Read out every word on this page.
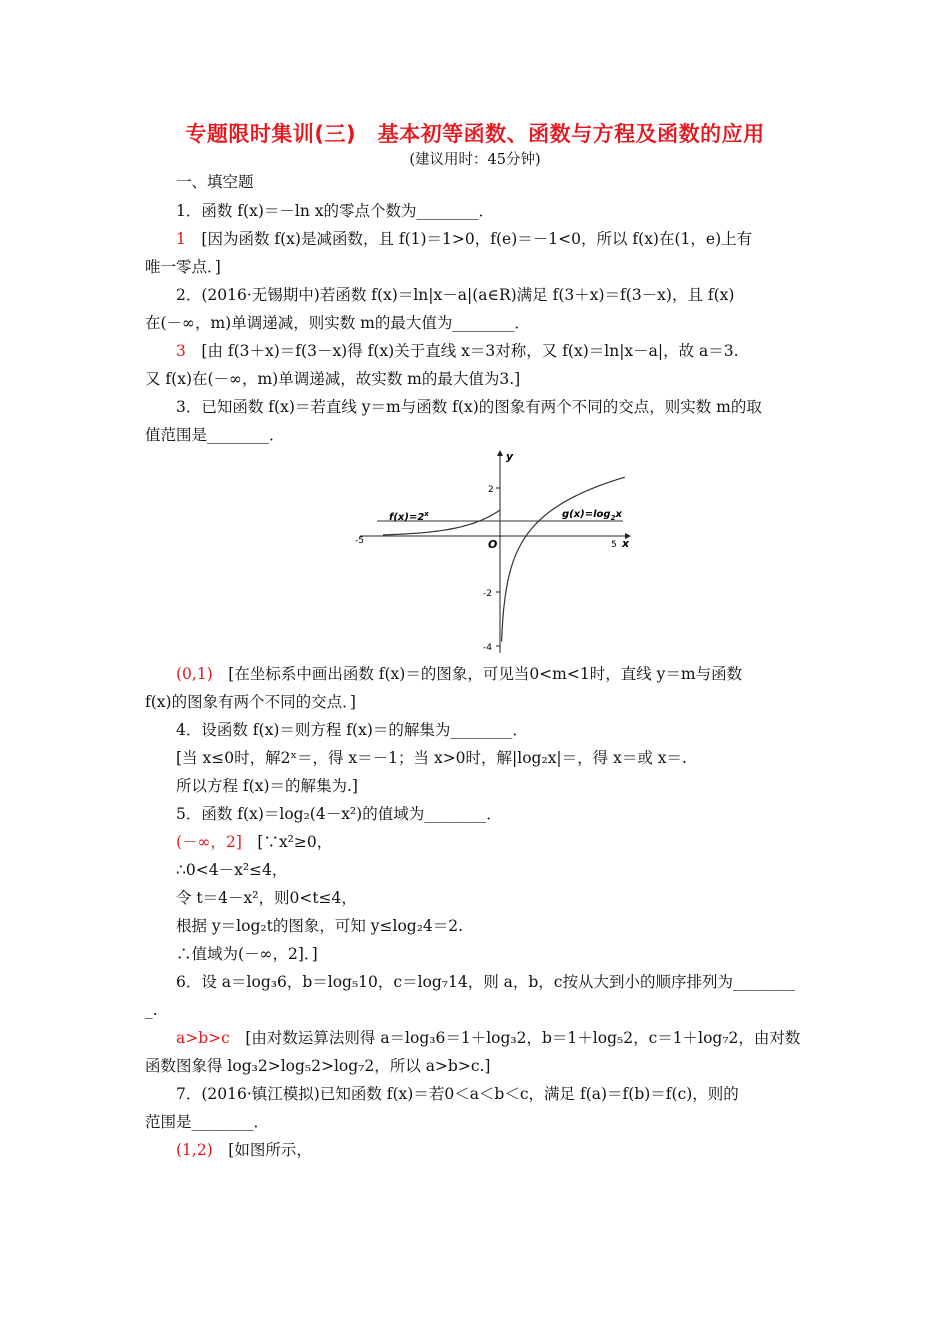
专题限时集训(三)　基本初等函数、函数与方程及函数的应用
(建议用时：45分钟)
一、填空题
1．函数 f(x)＝－ln x的零点个数为________．
1　 [因为函数 f(x)是减函数，且 f(1)＝1>0，f(e)＝－1<0，所以 f(x)在(1，e)上有
唯一零点．]
2．(2016·无锡期中)若函数 f(x)＝ln|x－a|(a∈R)满足 f(3＋x)＝f(3－x)，且 f(x)
在(－∞，m)单调递减，则实数 m的最大值为________．
3　 [由 f(3＋x)＝f(3－x)得 f(x)关于直线 x＝3对称，又 f(x)＝ln|x－a|，故 a＝3.
又 f(x)在(－∞，m)单调递减，故实数 m的最大值为3.]
3．已知函数 f(x)＝若直线 y＝m与函数 f(x)的图象有两个不同的交点，则实数 m的取
值范围是________．
y
x
O
2
-2
-4
-5	5
$f(x)=2^x$	$g(x)=\log_2x$
(0,1)　 [在坐标系中画出函数 f(x)＝的图象，可见当0<m<1时，直线 y＝m与函数
f(x)的图象有两个不同的交点．]
4．设函数 f(x)＝则方程 f(x)＝的解集为________．
[当 x≤0时，解2ˣ＝，得 x＝－1；当 x>0时，解|log₂x|＝，得 x＝或 x＝.
所以方程 f(x)＝的解集为.]
5．函数 f(x)＝log₂(4－x²)的值域为________．
(－∞，2]　 [∵x²≥0，
∴0<4－x²≤4，
令 t＝4－x²，则0<t≤4，
根据 y＝log₂t的图象，可知 y≤log₂4＝2.
∴值域为(－∞，2]．]
6．设 a＝log₃6，b＝log₅10，c＝log₇14，则 a，b，c按从大到小的顺序排列为________
_.
a>b>c　 [由对数运算法则得 a＝log₃6＝1＋log₃2，b＝1＋log₅2，c＝1＋log₇2，由对数
函数图象得 log₃2>log₅2>log₇2，所以 a>b>c.]
7．(2016·镇江模拟)已知函数 f(x)＝若0＜a＜b＜c，满足 f(a)＝f(b)＝f(c)，则的
范围是________．
(1,2)　 [如图所示，
